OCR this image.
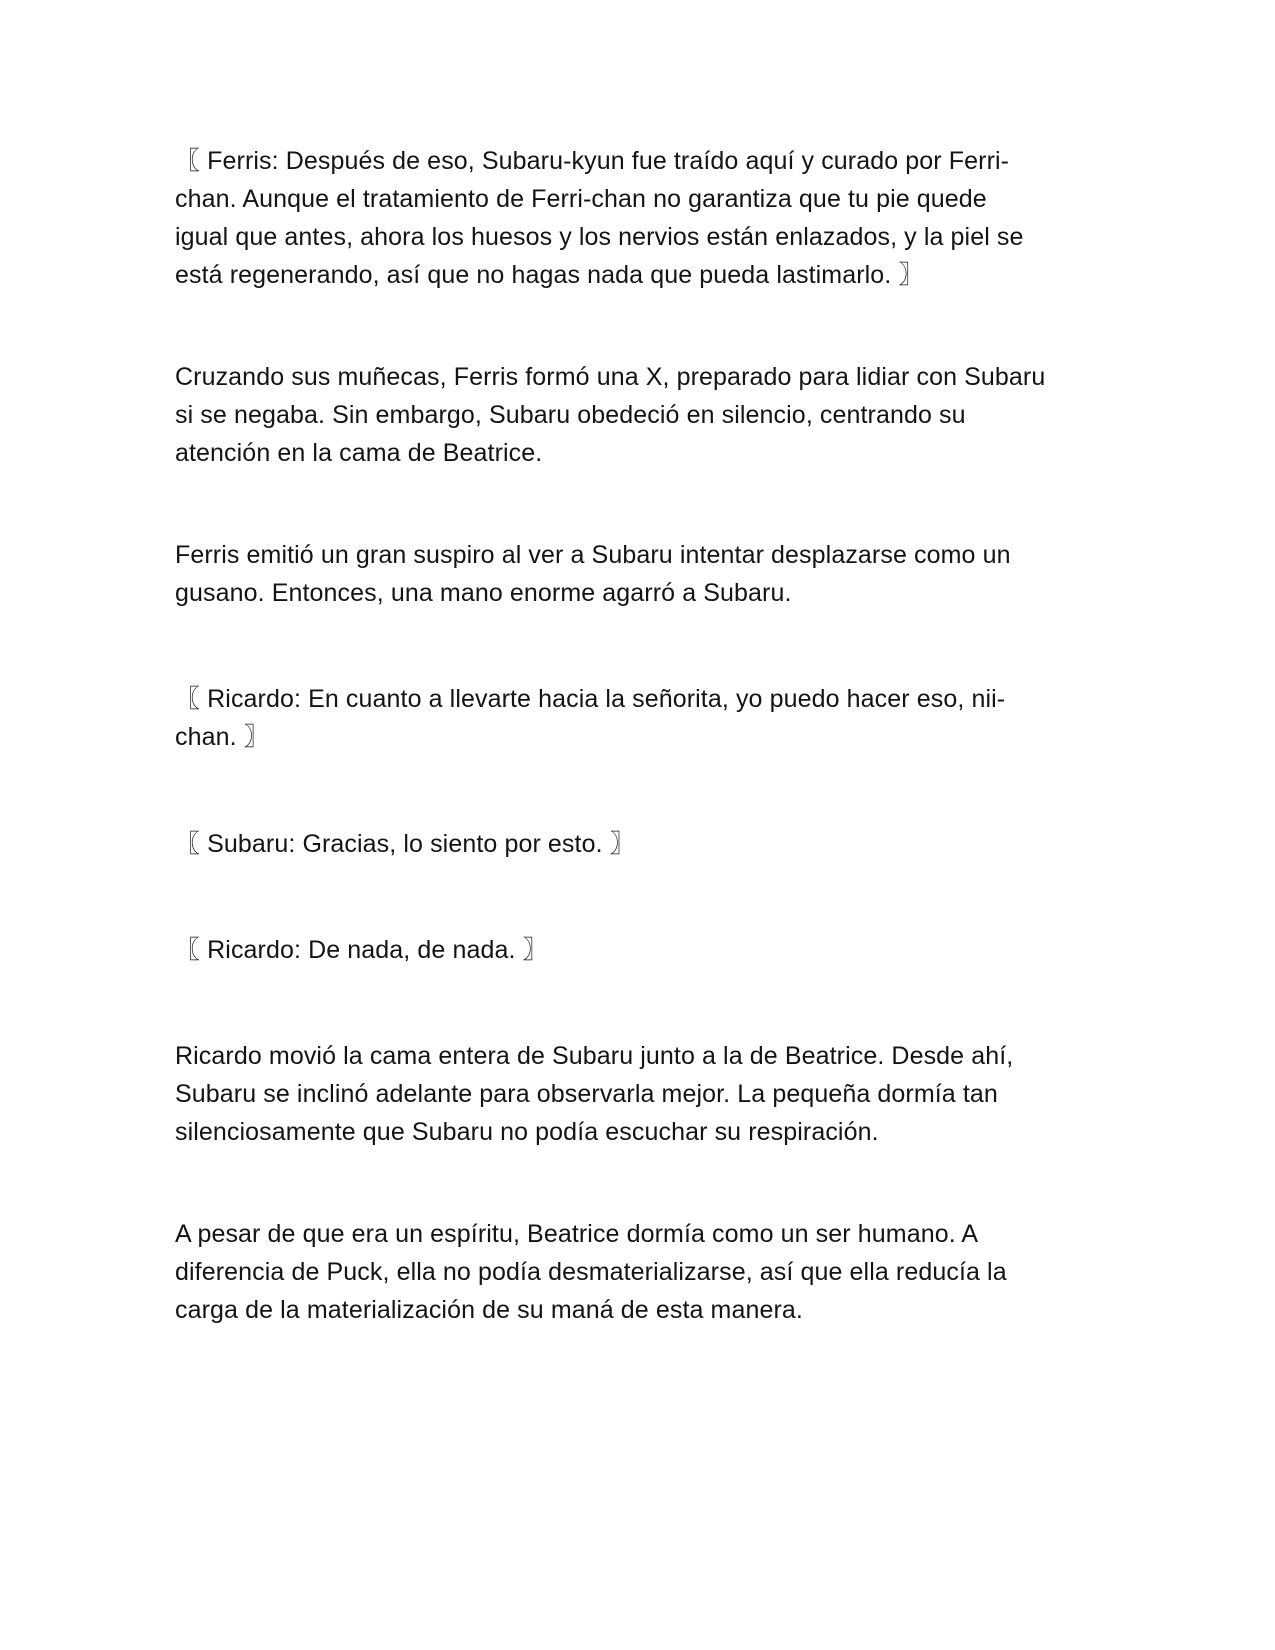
〖 Ferris: Después de eso, Subaru-kyun fue traído aquí y curado por Ferri-
chan. Aunque el tratamiento de Ferri-chan no garantiza que tu pie quede
igual que antes, ahora los huesos y los nervios están enlazados, y la piel se
está regenerando, así que no hagas nada que pueda lastimarlo. 〗

Cruzando sus muñecas, Ferris formó una X, preparado para lidiar con Subaru
si se negaba. Sin embargo, Subaru obedeció en silencio, centrando su
atención en la cama de Beatrice.

Ferris emitió un gran suspiro al ver a Subaru intentar desplazarse como un
gusano. Entonces, una mano enorme agarró a Subaru.

〖 Ricardo: En cuanto a llevarte hacia la señorita, yo puedo hacer eso, nii-
chan. 〗

〖 Subaru: Gracias, lo siento por esto. 〗

〖 Ricardo: De nada, de nada. 〗

Ricardo movió la cama entera de Subaru junto a la de Beatrice. Desde ahí,
Subaru se inclinó adelante para observarla mejor. La pequeña dormía tan
silenciosamente que Subaru no podía escuchar su respiración.

A pesar de que era un espíritu, Beatrice dormía como un ser humano. A
diferencia de Puck, ella no podía desmaterializarse, así que ella reducía la
carga de la materialización de su maná de esta manera.
